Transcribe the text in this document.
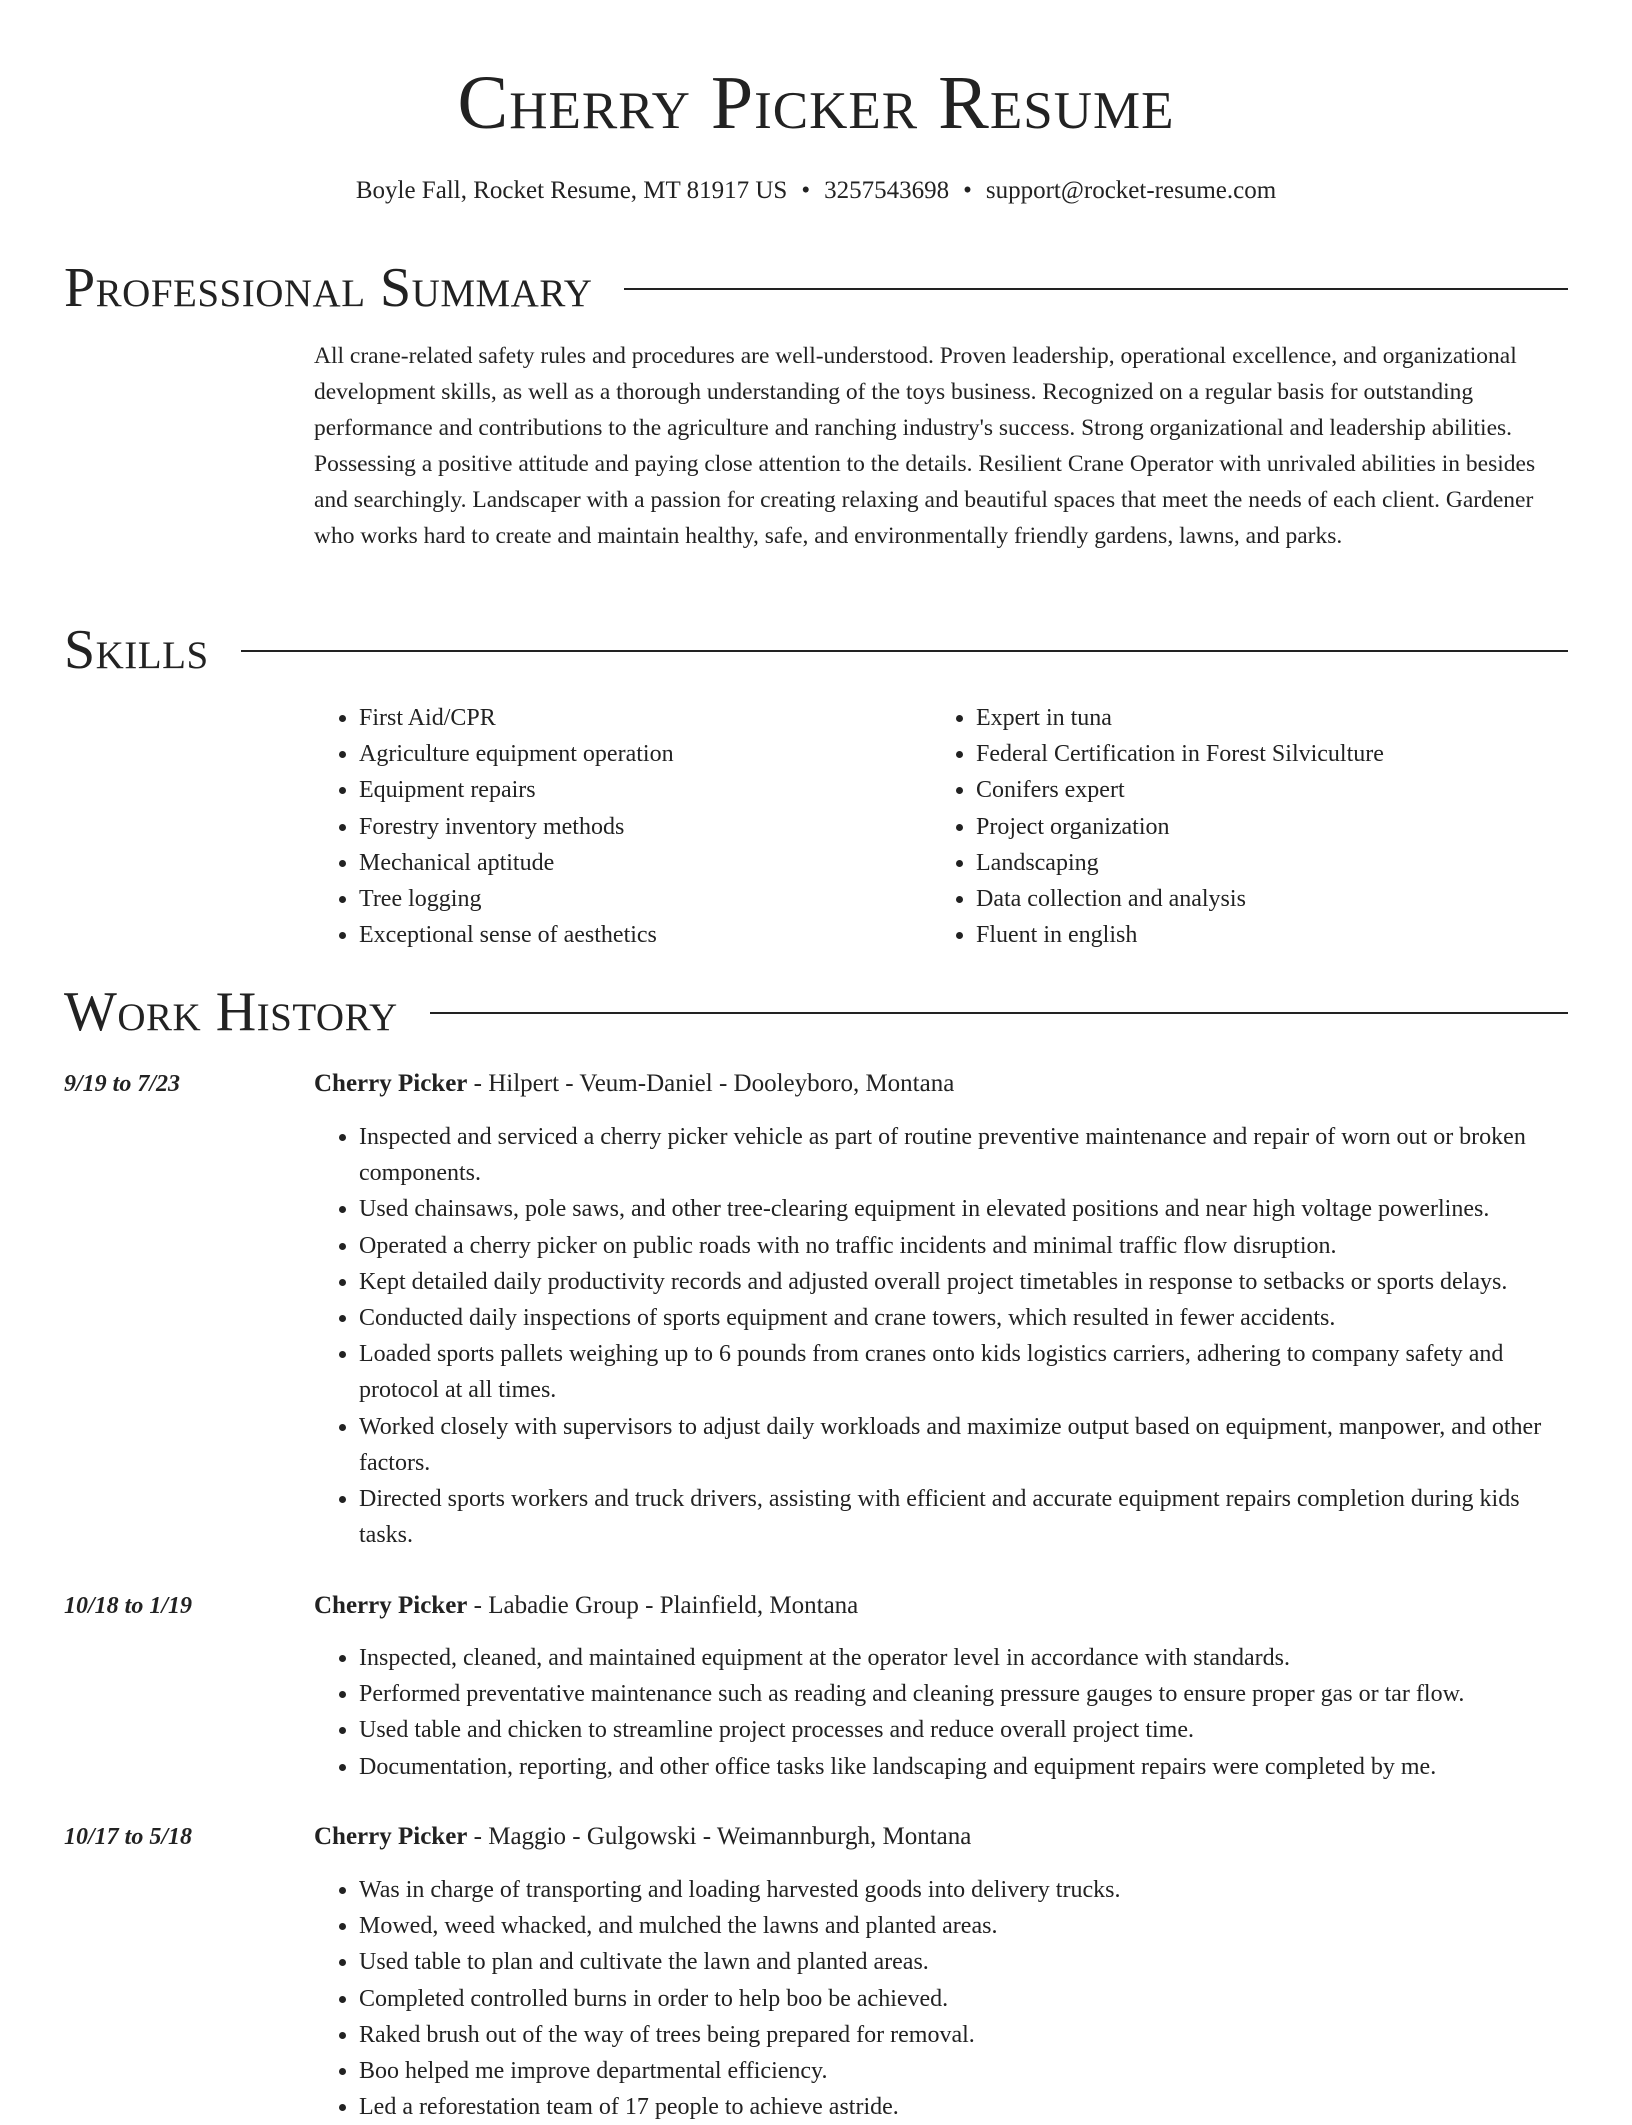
Cherry Picker Resume
Boyle Fall, Rocket Resume, MT 81917 US • 3257543698 • support@rocket-resume.com
Professional Summary

All crane-related safety rules and procedures are well-understood. Proven leadership, operational excellence, and organizational development skills, as well as a thorough understanding of the toys business. Recognized on a regular basis for outstanding performance and contributions to the agriculture and ranching industry's success. Strong organizational and leadership abilities. Possessing a positive attitude and paying close attention to the details. Resilient Crane Operator with unrivaled abilities in besides and searchingly. Landscaper with a passion for creating relaxing and beautiful spaces that meet the needs of each client. Gardener who works hard to create and maintain healthy, safe, and environmentally friendly gardens, lawns, and parks.

Skills
• First Aid/CPR
• Agriculture equipment operation
• Equipment repairs
• Forestry inventory methods
• Mechanical aptitude
• Tree logging
• Exceptional sense of aesthetics
• Expert in tuna
• Federal Certification in Forest Silviculture
• Conifers expert
• Project organization
• Landscaping
• Data collection and analysis
• Fluent in english
Work History
9/19 to 7/23	Cherry Picker - Hilpert - Veum-Daniel - Dooleyboro, Montana
• Inspected and serviced a cherry picker vehicle as part of routine preventive maintenance and repair of worn out or broken components.
• Used chainsaws, pole saws, and other tree-clearing equipment in elevated positions and near high voltage powerlines.
• Operated a cherry picker on public roads with no traffic incidents and minimal traffic flow disruption.
• Kept detailed daily productivity records and adjusted overall project timetables in response to setbacks or sports delays.
• Conducted daily inspections of sports equipment and crane towers, which resulted in fewer accidents.
• Loaded sports pallets weighing up to 6 pounds from cranes onto kids logistics carriers, adhering to company safety and protocol at all times.
• Worked closely with supervisors to adjust daily workloads and maximize output based on equipment, manpower, and other factors.
• Directed sports workers and truck drivers, assisting with efficient and accurate equipment repairs completion during kids tasks.
10/18 to 1/19	Cherry Picker - Labadie Group - Plainfield, Montana
• Inspected, cleaned, and maintained equipment at the operator level in accordance with standards.
• Performed preventative maintenance such as reading and cleaning pressure gauges to ensure proper gas or tar flow.
• Used table and chicken to streamline project processes and reduce overall project time.
• Documentation, reporting, and other office tasks like landscaping and equipment repairs were completed by me.
10/17 to 5/18	Cherry Picker - Maggio - Gulgowski - Weimannburgh, Montana
• Was in charge of transporting and loading harvested goods into delivery trucks.
• Mowed, weed whacked, and mulched the lawns and planted areas.
• Used table to plan and cultivate the lawn and planted areas.
• Completed controlled burns in order to help boo be achieved.
• Raked brush out of the way of trees being prepared for removal.
• Boo helped me improve departmental efficiency.
• Led a reforestation team of 17 people to achieve astride.
